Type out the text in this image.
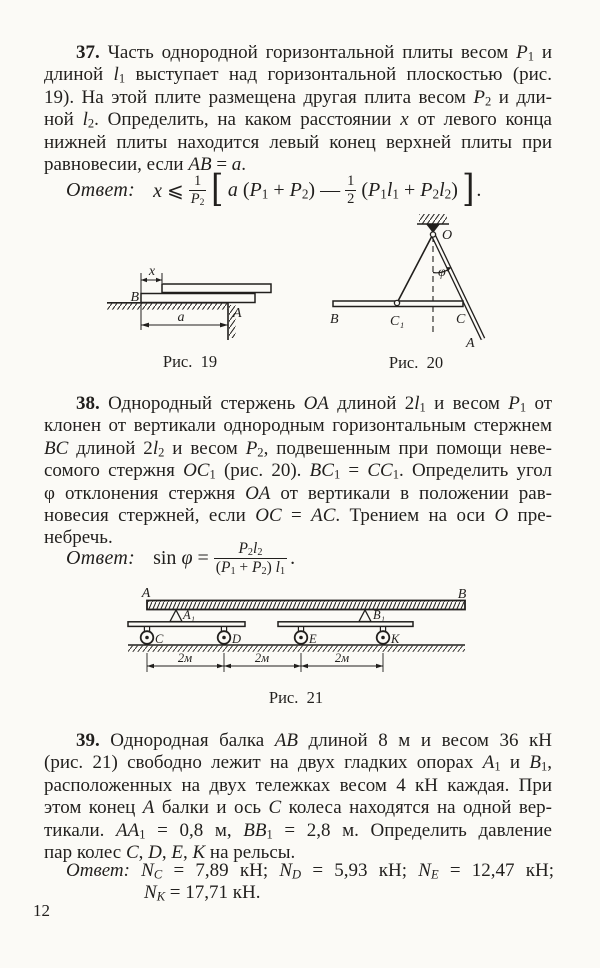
37. Часть однородной горизонтальной плиты весом $P_1$ и
длиной $l_1$ выступает над горизонтальной плоскостью (рис.
19). На этой плите размещена другая плита весом $P_2$ и дли-
ной $l_2$. Определить, на каком расстоянии x от левого конца
нижней плиты находится левый конец верхней плиты при
равновесии, если AB = a.
Ответ: x ⩽ $\frac{1}{P_2}$ [ a $(P_1 + P_2)$ — $\frac{1}{2} (P_1l_1 + P_2l_2)$ ] .
x
B
a	A
O
φ
B	C₁	C
A
Рис.  19	Рис.  20
38. Однородный стержень OA длиной $2l_1$ и весом $P_1$ от
клонен от вертикали однородным горизонтальным стержнем
BC длиной $2l_2$ и весом $P_2$, подвешенным при помощи неве-
сомого стержня $OC_1$ (рис. 20). $BC_1 = CC_1$. Определить угол
φ отклонения стержня OA от вертикали в положении рав-
новесия стержней, если OC = AC. Трением на оси O пре-
небречь.
Ответ: $\sin \varphi = \frac{P_2l_2}{(P_1 + P_2) l_1}$ .
A	B
A₁	B₁
C	D	E	K
2м	2м	2м
Рис.  21
39. Однородная балка AB длиной 8 м и весом 36 кН
(рис. 21) свободно лежит на двух гладких опорах $A_1$ и $B_1$,
расположенных на двух тележках весом 4 кН каждая. При
этом конец A балки и ось C колеса находятся на одной вер-
тикали. $AA_1 = 0,8$ м, $BB_1 = 2,8$ м. Определить давление
пар колес C, D, E, K на рельсы.
Ответ: $N_C = 7,89$ кН; $N_D = 5,93$ кН; $N_E = 12,47$ кН;
$N_K = 17,71$ кН.
12
